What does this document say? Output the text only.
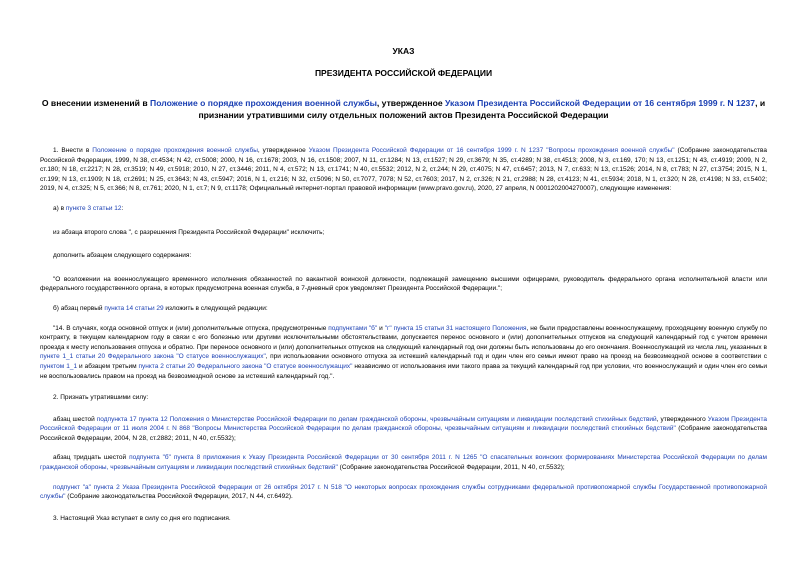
УКАЗ
ПРЕЗИДЕНТА РОССИЙСКОЙ ФЕДЕРАЦИИ
О внесении изменений в Положение о порядке прохождения военной службы, утвержденное Указом Президента Российской Федерации от 16 сентября 1999 г. N 1237, и признании утратившими силу отдельных положений актов Президента Российской Федерации

1. Внести в Положение о порядке прохождения военной службы, утвержденное Указом Президента Российской Федерации от 16 сентября 1999 г. N 1237 "Вопросы прохождения военной службы" (Собрание законодательства Российской Федерации, 1999, N 38, ст.4534; N 42, ст.5008; 2000, N 16, ст.1678; 2003, N 16, ст.1508; 2007, N 11, ст.1284; N 13, ст.1527; N 29, ст.3679; N 35, ст.4289; N 38, ст.4513; 2008, N 3, ст.169, 170; N 13, ст.1251; N 43, ст.4919; 2009, N 2, ст.180; N 18, ст.2217; N 28, ст.3519; N 49, ст.5918; 2010, N 27, ст.3446; 2011, N 4, ст.572; N 13, ст.1741; N 40, ст.5532; 2012, N 2, ст.244; N 29, ст.4075; N 47, ст.6457; 2013, N 7, ст.633; N 13, ст.1526; 2014, N 8, ст.783; N 27, ст.3754; 2015, N 1, ст.199; N 13, ст.1909; N 18, ст.2691; N 25, ст.3643; N 43, ст.5947; 2016, N 1, ст.216; N 32, ст.5096; N 50, ст.7077, 7078; N 52, ст.7603; 2017, N 2, ст.326; N 21, ст.2988; N 28, ст.4123; N 41, ст.5934; 2018, N 1, ст.320; N 28, ст.4198; N 33, ст.5402; 2019, N 4, ст.325; N 5, ст.366; N 8, ст.761; 2020, N 1, ст.7; N 9, ст.1178; Официальный интернет-портал правовой информации (www.pravo.gov.ru), 2020, 27 апреля, N 0001202004270007), следующие изменения:

а) в пункте 3 статьи 12:

из абзаца второго слова ", с разрешения Президента Российской Федерации" исключить;

дополнить абзацем следующего содержания:

"О возложении на военнослужащего временного исполнения обязанностей по вакантной воинской должности, подлежащей замещению высшими офицерами, руководитель федерального органа исполнительной власти или федерального государственного органа, в которых предусмотрена военная служба, в 7-дневный срок уведомляет Президента Российской Федерации.";

б) абзац первый пункта 14 статьи 29 изложить в следующей редакции:

"14. В случаях, когда основной отпуск и (или) дополнительные отпуска, предусмотренные подпунктами "б" и "г" пункта 15 статьи 31 настоящего Положения, не были предоставлены военнослужащему, проходящему военную службу по контракту, в текущем календарном году в связи с его болезнью или другими исключительными обстоятельствами, допускается перенос основного и (или) дополнительных отпусков на следующий календарный год с учетом времени проезда к месту использования отпуска и обратно. При переносе основного и (или) дополнительных отпусков на следующий календарный год они должны быть использованы до его окончания. Военнослужащий из числа лиц, указанных в пункте 1_1 статьи 20 Федерального закона "О статусе военнослужащих", при использовании основного отпуска за истекший календарный год и один член его семьи имеют право на проезд на безвозмездной основе в соответствии с пунктом 1_1 и абзацем третьим пункта 2 статьи 20 Федерального закона "О статусе военнослужащих" независимо от использования ими такого права за текущий календарный год при условии, что военнослужащий и один член его семьи не воспользовались правом на проезд на безвозмездной основе за истекший календарный год.".

2. Признать утратившими силу:

абзац шестой подпункта 17 пункта 12 Положения о Министерстве Российской Федерации по делам гражданской обороны, чрезвычайным ситуациям и ликвидации последствий стихийных бедствий, утвержденного Указом Президента Российской Федерации от 11 июля 2004 г. N 868 "Вопросы Министерства Российской Федерации по делам гражданской обороны, чрезвычайным ситуациям и ликвидации последствий стихийных бедствий" (Собрание законодательства Российской Федерации, 2004, N 28, ст.2882; 2011, N 40, ст.5532);

абзац тридцать шестой подпункта "б" пункта 8 приложения к Указу Президента Российской Федерации от 30 сентября 2011 г. N 1265 "О спасательных воинских формированиях Министерства Российской Федерации по делам гражданской обороны, чрезвычайным ситуациям и ликвидации последствий стихийных бедствий" (Собрание законодательства Российской Федерации, 2011, N 40, ст.5532);

подпункт "а" пункта 2 Указа Президента Российской Федерации от 26 октября 2017 г. N 518 "О некоторых вопросах прохождения службы сотрудниками федеральной противопожарной службы Государственной противопожарной службы" (Собрание законодательства Российской Федерации, 2017, N 44, ст.6492).

3. Настоящий Указ вступает в силу со дня его подписания.
